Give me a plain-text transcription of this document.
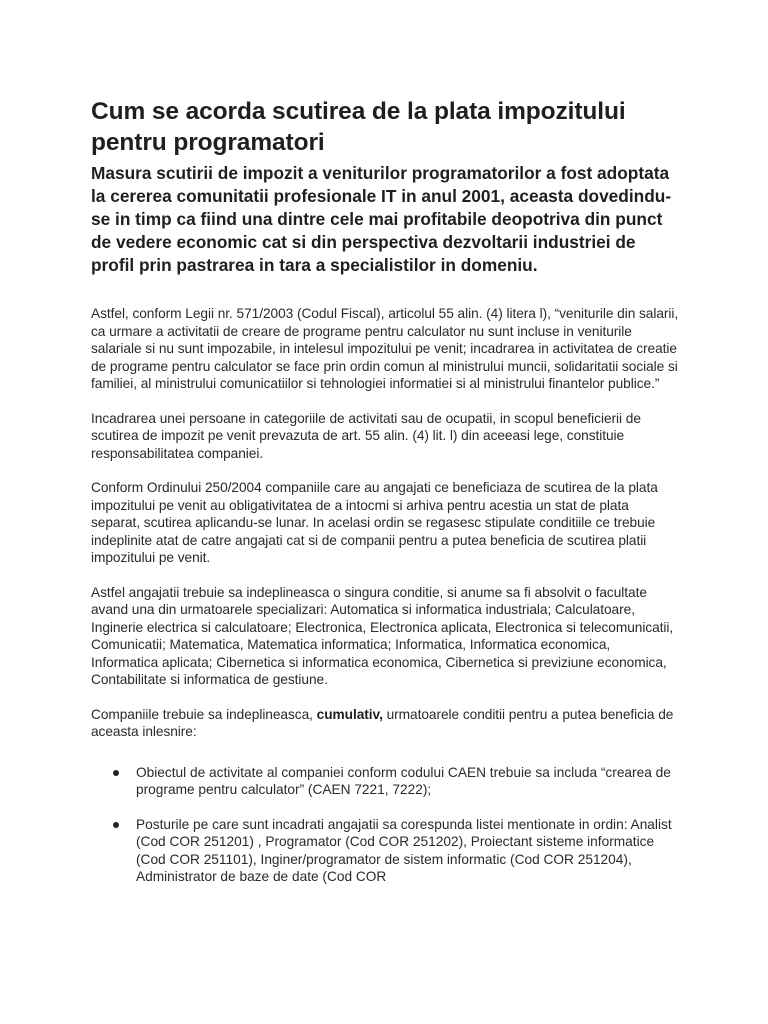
Cum se acorda scutirea de la plata impozitului pentru programatori

Masura scutirii de impozit a veniturilor programatorilor a fost adoptata la cererea comunitatii profesionale IT in anul 2001, aceasta dovedindu-se in timp ca fiind una dintre cele mai profitabile deopotriva din punct de vedere economic cat si din perspectiva dezvoltarii industriei de profil prin pastrarea in tara a specialistilor in domeniu.

Astfel, conform Legii nr. 571/2003 (Codul Fiscal), articolul 55 alin. (4) litera l), “veniturile din salarii, ca urmare a activitatii de creare de programe pentru calculator nu sunt incluse in veniturile salariale si nu sunt impozabile, in intelesul impozitului pe venit; incadrarea in activitatea de creatie de programe pentru calculator se face prin ordin comun al ministrului muncii, solidaritatii sociale si familiei, al ministrului comunicatiilor si tehnologiei informatiei si al ministrului finantelor publice.”

Incadrarea unei persoane in categoriile de activitati sau de ocupatii, in scopul beneficierii de scutirea de impozit pe venit prevazuta de art. 55 alin. (4) lit. l) din aceeasi lege, constituie responsabilitatea companiei.

Conform Ordinului 250/2004 companiile care au angajati ce beneficiaza de scutirea de la plata impozitului pe venit au obligativitatea de a intocmi si arhiva pentru acestia un stat de plata separat, scutirea aplicandu-se lunar. In acelasi ordin se regasesc stipulate conditiile ce trebuie indeplinite atat de catre angajati cat si de companii pentru a putea beneficia de scutirea platii impozitului pe venit.

Astfel angajatii trebuie sa indeplineasca o singura conditie, si anume sa fi absolvit o facultate avand una din urmatoarele specializari: Automatica si informatica industriala; Calculatoare, Inginerie electrica si calculatoare; Electronica, Electronica aplicata, Electronica si telecomunicatii, Comunicatii; Matematica, Matematica informatica; Informatica, Informatica economica, Informatica aplicata; Cibernetica si informatica economica, Cibernetica si previziune economica, Contabilitate si informatica de gestiune.

Companiile trebuie sa indeplineasca, cumulativ, urmatoarele conditii pentru a putea beneficia de aceasta inlesnire:

Obiectul de activitate al companiei conform codului CAEN trebuie sa includa “crearea de programe pentru calculator” (CAEN 7221, 7222);
Posturile pe care sunt incadrati angajatii sa corespunda listei mentionate in ordin: Analist (Cod COR 251201) , Programator (Cod COR 251202), Proiectant sisteme informatice (Cod COR 251101), Inginer/programator de sistem informatic (Cod COR 251204), Administrator de baze de date (Cod COR
